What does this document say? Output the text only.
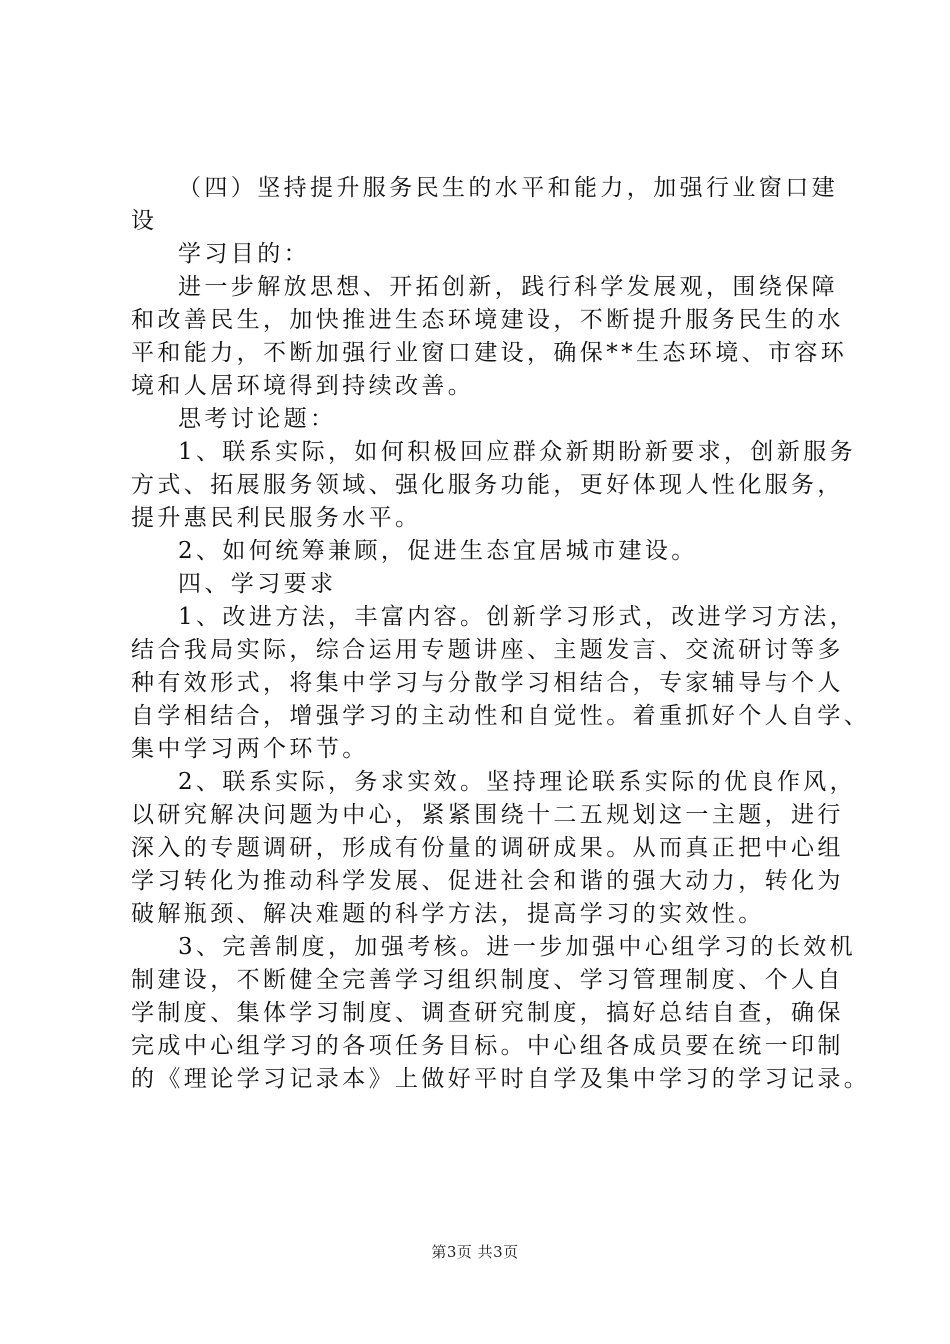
（四）坚持提升服务民生的水平和能力，加强行业窗口建
设
学习目的：
进一步解放思想、开拓创新，践行科学发展观，围绕保障
和改善民生，加快推进生态环境建设，不断提升服务民生的水
平和能力，不断加强行业窗口建设，确保**生态环境、市容环
境和人居环境得到持续改善。
思考讨论题：
1、联系实际，如何积极回应群众新期盼新要求，创新服务
方式、拓展服务领域、强化服务功能，更好体现人性化服务，
提升惠民利民服务水平。
2、如何统筹兼顾，促进生态宜居城市建设。
四、学习要求
1、改进方法，丰富内容。创新学习形式，改进学习方法，
结合我局实际，综合运用专题讲座、主题发言、交流研讨等多
种有效形式，将集中学习与分散学习相结合，专家辅导与个人
自学相结合，增强学习的主动性和自觉性。着重抓好个人自学、
集中学习两个环节。
2、联系实际，务求实效。坚持理论联系实际的优良作风，
以研究解决问题为中心，紧紧围绕十二五规划这一主题，进行
深入的专题调研，形成有份量的调研成果。从而真正把中心组
学习转化为推动科学发展、促进社会和谐的强大动力，转化为
破解瓶颈、解决难题的科学方法，提高学习的实效性。
3、完善制度，加强考核。进一步加强中心组学习的长效机
制建设，不断健全完善学习组织制度、学习管理制度、个人自
学制度、集体学习制度、调查研究制度，搞好总结自查，确保
完成中心组学习的各项任务目标。中心组各成员要在统一印制
的《理论学习记录本》上做好平时自学及集中学习的学习记录。
第3页 共3页
